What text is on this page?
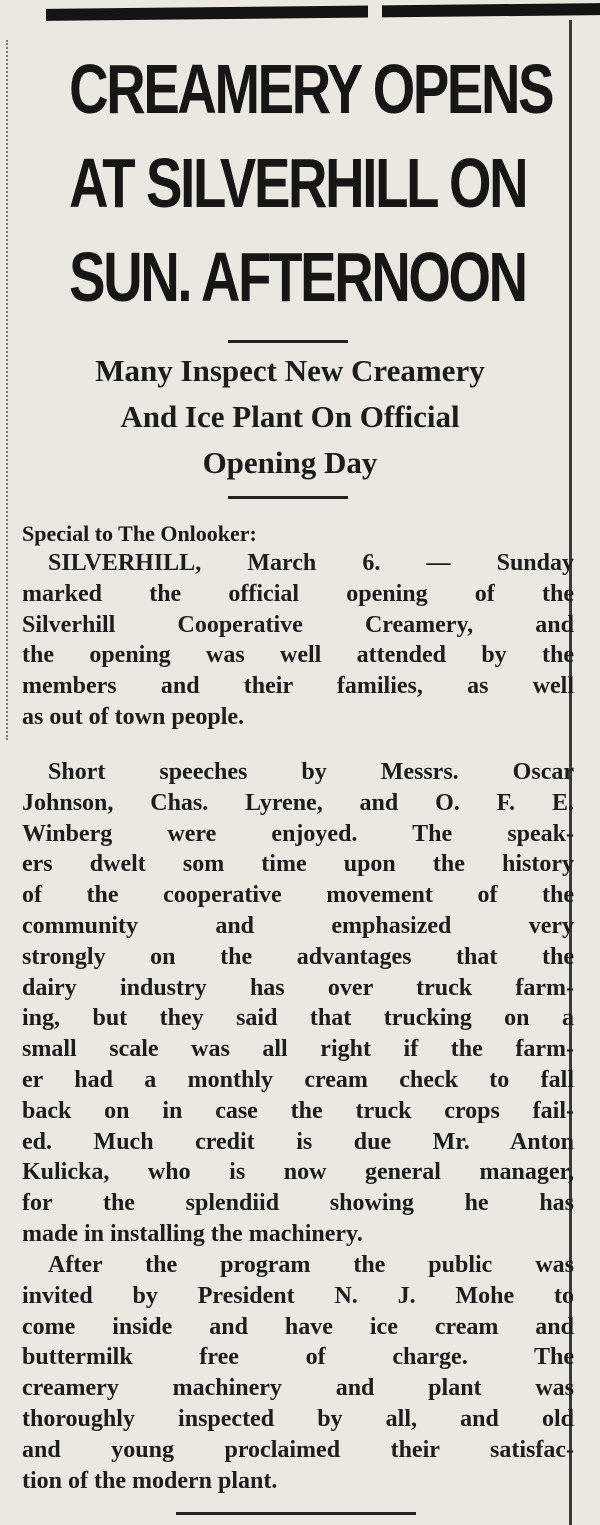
CREAMERY OPENS
AT SILVERHILL ON
SUN. AFTERNOON
Many Inspect New Creamery
And Ice Plant On Official
Opening Day
Special to The Onlooker:
SILVERHILL, March 6. — Sunday
marked the official opening of the
Silverhill Cooperative Creamery, and
the opening was well attended by the
members and their families, as well
as out of town people.
Short speeches by Messrs. Oscar
Johnson, Chas. Lyrene, and O. F. E.
Winberg were enjoyed. The speak-
ers dwelt som time upon the history
of the cooperative movement of the
community and emphasized very
strongly on the advantages that the
dairy industry has over truck farm-
ing, but they said that trucking on a
small scale was all right if the farm-
er had a monthly cream check to fall
back on in case the truck crops fail-
ed. Much credit is due Mr. Anton
Kulicka, who is now general manager,
for the splendiid showing he has
made in installing the machinery.
After the program the public was
invited by President N. J. Mohe to
come inside and have ice cream and
buttermilk free of charge. The
creamery machinery and plant was
thoroughly inspected by all, and old
and young proclaimed their satisfac-
tion of the modern plant.
